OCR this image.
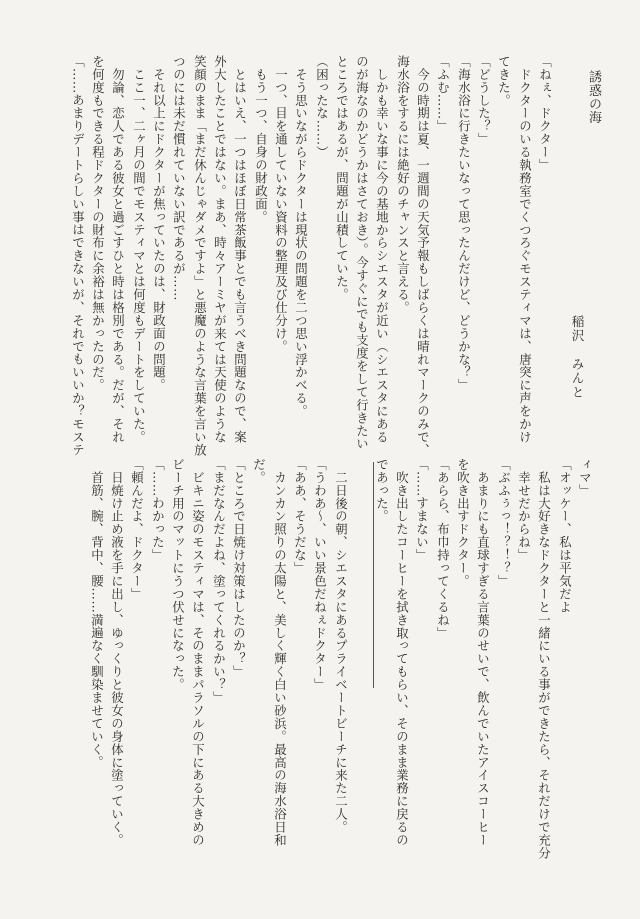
誘惑の海
稲沢　みんと
「ねぇ、ドクター」
　ドクターのいる執務室でくつろぐモスティマは、唐突に声をかけ
てきた。
「どうした？」
「海水浴に行きたいなって思ったんだけど、どうかな？」
「ふむ……」
　今の時期は夏、一週間の天気予報もしばらくは晴れマークのみで、
海水浴をするには絶好のチャンスと言える。
　しかも幸いな事に今の基地からシエスタが近い（シエスタにある
のが海なのかどうかはさておき）。今すぐにでも支度をして行きたい
ところではあるが、問題が山積していた。
（困ったな……）
　そう思いながらドクターは現状の問題を二つ思い浮かべる。
　一つ、目を通していない資料の整理及び仕分け。
　もう一つ、自身の財政面。
　とはいえ、一つはほぼ日常茶飯事とでも言うべき問題なので、案
外大したことではない。まあ、時々アーミヤが来ては天使のような
笑顔のまま「まだ休んじゃダメですよ」と悪魔のような言葉を言い放
つのには未だ慣れていない訳であるが……
　それ以上にドクターが焦っていたのは、財政面の問題。
　ここ一、二ヶ月の間でモスティマとは何度もデートをしていた。
　勿論、恋人である彼女と過ごすひと時は格別である。だが、それ
を何度もできる程ドクターの財布に余裕は無かったのだ。
「……あまりデートらしい事はできないが、それでもいいか？モステ
ィマ」
「オッケー、私は平気だよ
　私は大好きなドクターと一緒にいる事ができたら、それだけで充分
　幸せだからね」
「ぶふぅっ！？！？」
　あまりにも直球すぎる言葉のせいで、飲んでいたアイスコーヒー
を吹き出すドクター。
「あらら、布巾持ってくるね」
「……すまない」
　吹き出したコーヒーを拭き取ってもらい、そのまま業務に戻るの
であった。
　二日後の朝、シエスタにあるプライベートビーチに来た二人。
「うわあ〜、いい景色だねぇドクター」
「ああ、そうだな」
　カンカン照りの太陽と、美しく輝く白い砂浜。最高の海水浴日和
だ。
「ところで日焼け対策はしたのか？」
「まだなんだよね、塗ってくれるかい？」
　ビキニ姿のモスティマは、そのままパラソルの下にある大きめの
ビーチ用のマットにうつ伏せになった。
「……わかった」
「頼んだよ、ドクター」
　日焼け止め液を手に出し、ゆっくりと彼女の身体に塗っていく。
　首筋、腕、背中、腰……満遍なく馴染ませていく。
